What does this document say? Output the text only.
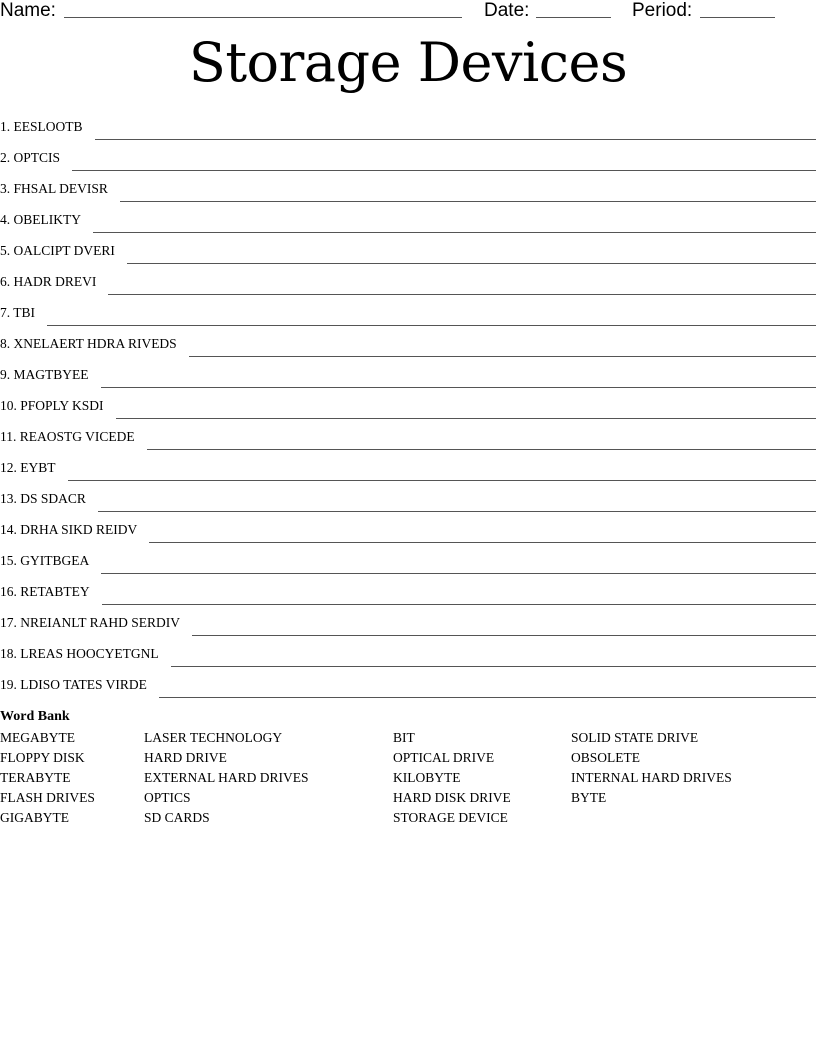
Name:	Date:	Period:
Storage Devices
1. EESLOOTB
2. OPTCIS
3. FHSAL DEVISR
4. OBELIKTY
5. OALCIPT DVERI
6. HADR DREVI
7. TBI
8. XNELAERT HDRA RIVEDS
9. MAGTBYEE
10. PFOPLY KSDI
11. REAOSTG VICEDE
12. EYBT
13. DS SDACR
14. DRHA SIKD REIDV
15. GYITBGEA
16. RETABTEY
17. NREIANLT RAHD SERDIV
18. LREAS HOOCYETGNL
19. LDISO TATES VIRDE
Word Bank
MEGABYTE
FLOPPY DISK
TERABYTE
FLASH DRIVES
GIGABYTE
LASER TECHNOLOGY
HARD DRIVE
EXTERNAL HARD DRIVES
OPTICS
SD CARDS
BIT
OPTICAL DRIVE
KILOBYTE
HARD DISK DRIVE
STORAGE DEVICE
SOLID STATE DRIVE
OBSOLETE
INTERNAL HARD DRIVES
BYTE
